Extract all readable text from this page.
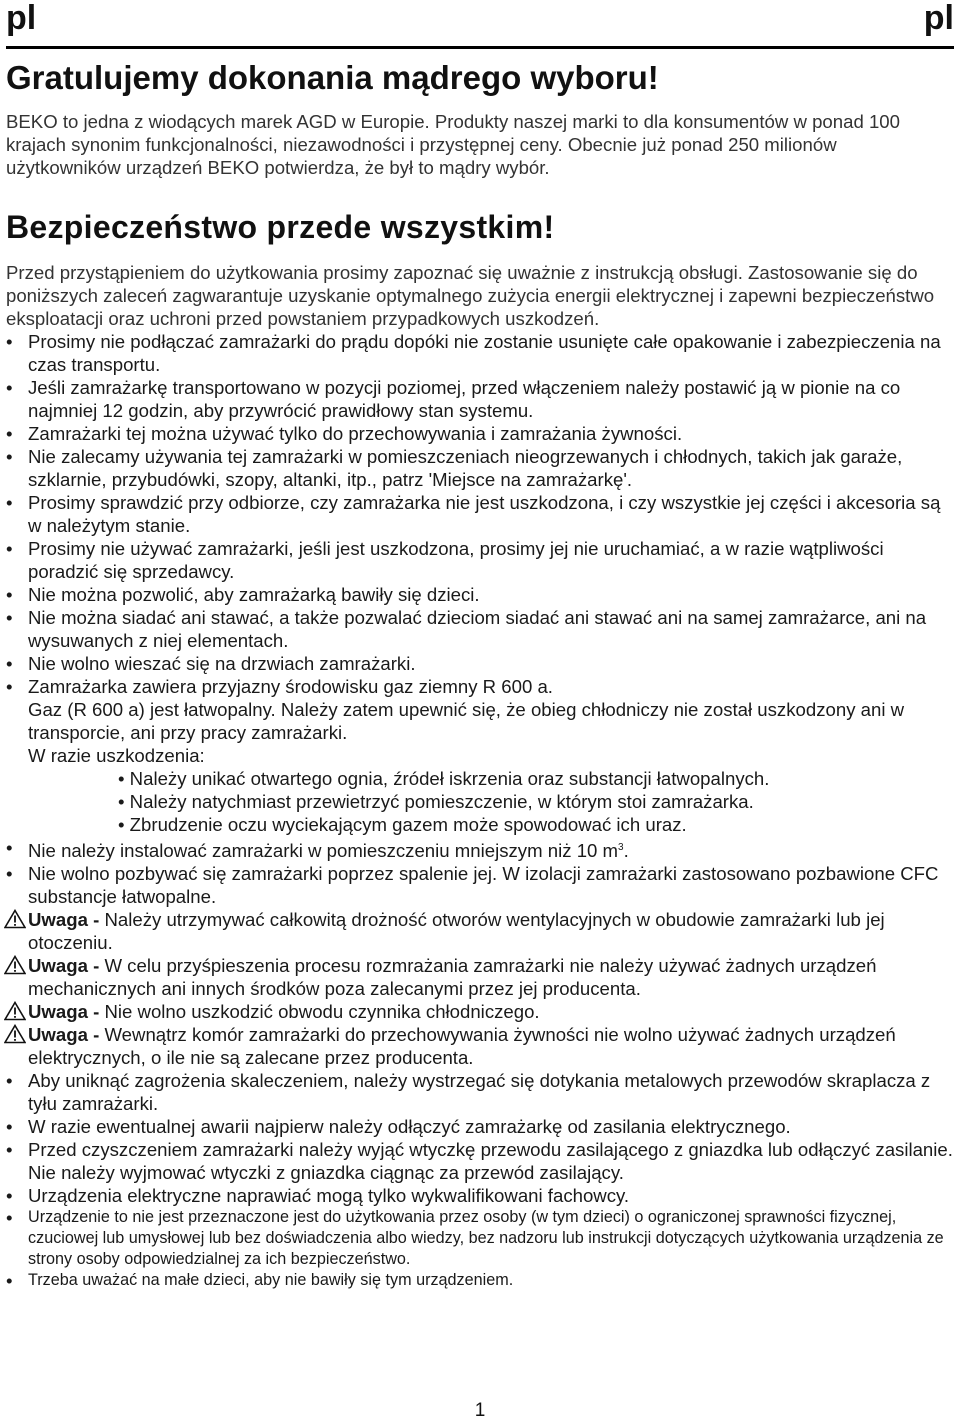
pl	pl
Gratulujemy dokonania mądrego wyboru!

BEKO to jedna z wiodących marek AGD w Europie. Produkty naszej marki to dla konsumentów w ponad 100 krajach synonim funkcjonalności, niezawodności i przystępnej ceny. Obecnie już ponad 250 milionów użytkowników urządzeń BEKO potwierdza, że był to mądry wybór.

Bezpieczeństwo przede wszystkim!

Przed przystąpieniem do użytkowania prosimy zapoznać się uważnie z instrukcją obsługi. Zastosowanie się do poniższych zaleceń zagwarantuje uzyskanie optymalnego zużycia energii elektrycznej i zapewni bezpieczeństwo eksploatacji oraz uchroni przed powstaniem przypadkowych uszkodzeń.

• Prosimy nie podłączać zamrażarki do prądu dopóki nie zostanie usunięte całe opakowanie i zabezpieczenia na czas transportu.
• Jeśli zamrażarkę transportowano w pozycji poziomej, przed włączeniem należy postawić ją w pionie na co najmniej 12 godzin, aby przywrócić prawidłowy stan systemu.
• Zamrażarki tej można używać tylko do przechowywania i zamrażania żywności.
• Nie zalecamy używania tej zamrażarki w pomieszczeniach nieogrzewanych i chłodnych, takich jak garaże, szklarnie, przybudówki, szopy, altanki, itp., patrz 'Miejsce na zamrażarkę'.
• Prosimy sprawdzić przy odbiorze, czy zamrażarka nie jest uszkodzona, i czy wszystkie jej części i akcesoria są w należytym stanie.
• Prosimy nie używać zamrażarki, jeśli jest uszkodzona, prosimy jej nie uruchamiać, a w razie wątpliwości poradzić się sprzedawcy.
• Nie można pozwolić, aby zamrażarką bawiły się dzieci.
• Nie można siadać ani stawać, a także pozwalać dzieciom siadać ani stawać ani na samej zamrażarce, ani na wysuwanych z niej elementach.
• Nie wolno wieszać się na drzwiach zamrażarki.
• Zamrażarka zawiera przyjazny środowisku gaz ziemny R 600 a.
Gaz (R 600 a) jest łatwopalny. Należy zatem upewnić się, że obieg chłodniczy nie został uszkodzony ani w transporcie, ani przy pracy zamrażarki.
W razie uszkodzenia:
• Należy unikać otwartego ognia, źródeł iskrzenia oraz substancji łatwopalnych.
• Należy natychmiast przewietrzyć pomieszczenie, w którym stoi zamrażarka.
• Zbrudzenie oczu wyciekającym gazem może spowodować ich uraz.
• Nie należy instalować zamrażarki w pomieszczeniu mniejszym niż 10 $m^3$.
• Nie wolno pozbywać się zamrażarki poprzez spalenie jej. W izolacji zamrażarki zastosowano pozbawione CFC substancje łatwopalne.
Uwaga - Należy utrzymywać całkowitą drożność otworów wentylacyjnych w obudowie zamrażarki lub jej otoczeniu.
Uwaga - W celu przyśpieszenia procesu rozmrażania zamrażarki nie należy używać żadnych urządzeń mechanicznych ani innych środków poza zalecanymi przez jej producenta.
Uwaga - Nie wolno uszkodzić obwodu czynnika chłodniczego.
Uwaga - Wewnątrz komór zamrażarki do przechowywania żywności nie wolno używać żadnych urządzeń elektrycznych, o ile nie są zalecane przez producenta.
• Aby uniknąć zagrożenia skaleczeniem, należy wystrzegać się dotykania metalowych przewodów skraplacza z tyłu zamrażarki.
• W razie ewentualnej awarii najpierw należy odłączyć zamrażarkę od zasilania elektrycznego.
• Przed czyszczeniem zamrażarki należy wyjąć wtyczkę przewodu zasilającego z gniazdka lub odłączyć zasilanie. Nie należy wyjmować wtyczki z gniazdka ciągnąc za przewód zasilający.
• Urządzenia elektryczne naprawiać mogą tylko wykwalifikowani fachowcy.
• Urządzenie to nie jest przeznaczone jest do użytkowania przez osoby (w tym dzieci) o ograniczonej sprawności fizycznej, czuciowej lub umysłowej lub bez doświadczenia albo wiedzy, bez nadzoru lub instrukcji dotyczących użytkowania urządzenia ze strony osoby odpowiedzialnej za ich bezpieczeństwo.
• Trzeba uważać na małe dzieci, aby nie bawiły się tym urządzeniem.
1
